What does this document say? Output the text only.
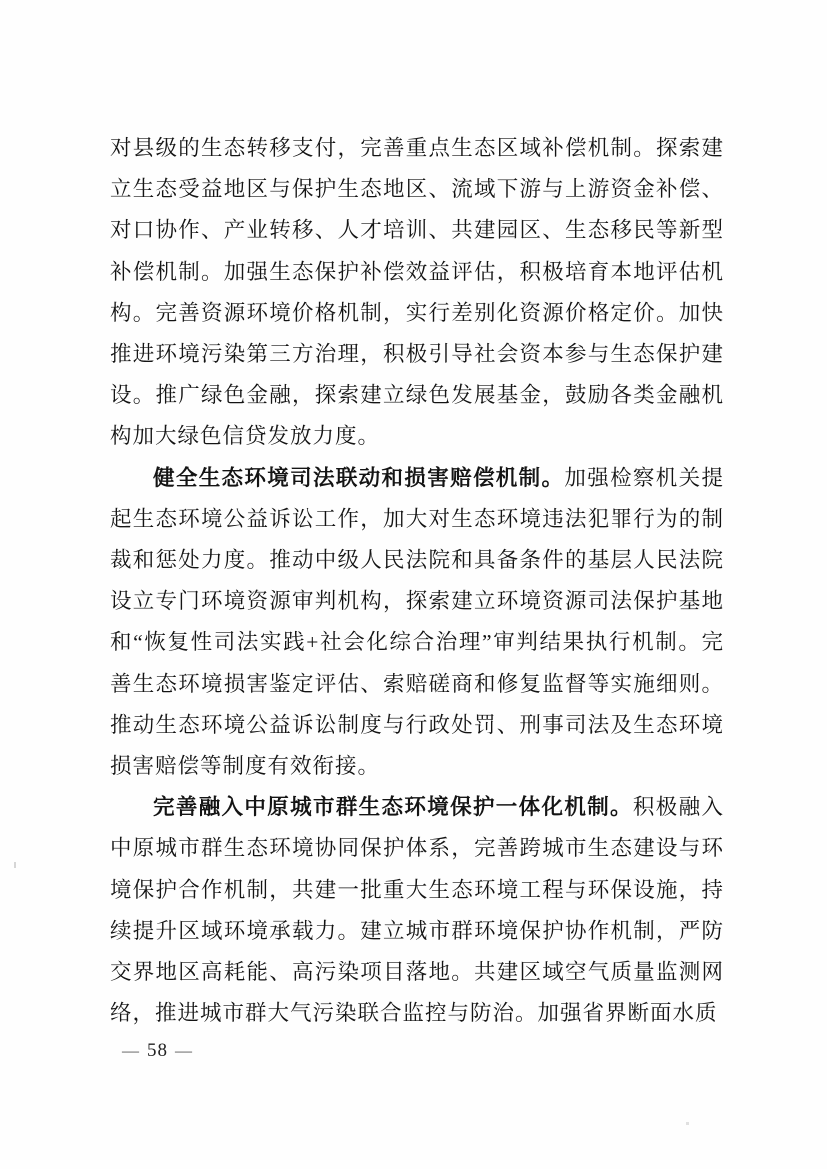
对县级的生态转移支付，完善重点生态区域补偿机制。探索建立生态受益地区与保护生态地区、流域下游与上游资金补偿、对口协作、产业转移、人才培训、共建园区、生态移民等新型补偿机制。加强生态保护补偿效益评估，积极培育本地评估机构。完善资源环境价格机制，实行差别化资源价格定价。加快推进环境污染第三方治理，积极引导社会资本参与生态保护建设。推广绿色金融，探索建立绿色发展基金，鼓励各类金融机构加大绿色信贷发放力度。

健全生态环境司法联动和损害赔偿机制。加强检察机关提起生态环境公益诉讼工作，加大对生态环境违法犯罪行为的制裁和惩处力度。推动中级人民法院和具备条件的基层人民法院设立专门环境资源审判机构，探索建立环境资源司法保护基地和“恢复性司法实践+社会化综合治理”审判结果执行机制。完善生态环境损害鉴定评估、索赔磋商和修复监督等实施细则。推动生态环境公益诉讼制度与行政处罚、刑事司法及生态环境损害赔偿等制度有效衔接。

完善融入中原城市群生态环境保护一体化机制。积极融入中原城市群生态环境协同保护体系，完善跨城市生态建设与环境保护合作机制，共建一批重大生态环境工程与环保设施，持续提升区域环境承载力。建立城市群环境保护协作机制，严防交界地区高耗能、高污染项目落地。共建区域空气质量监测网络，推进城市群大气污染联合监控与防治。加强省界断面水质

— 58 —
